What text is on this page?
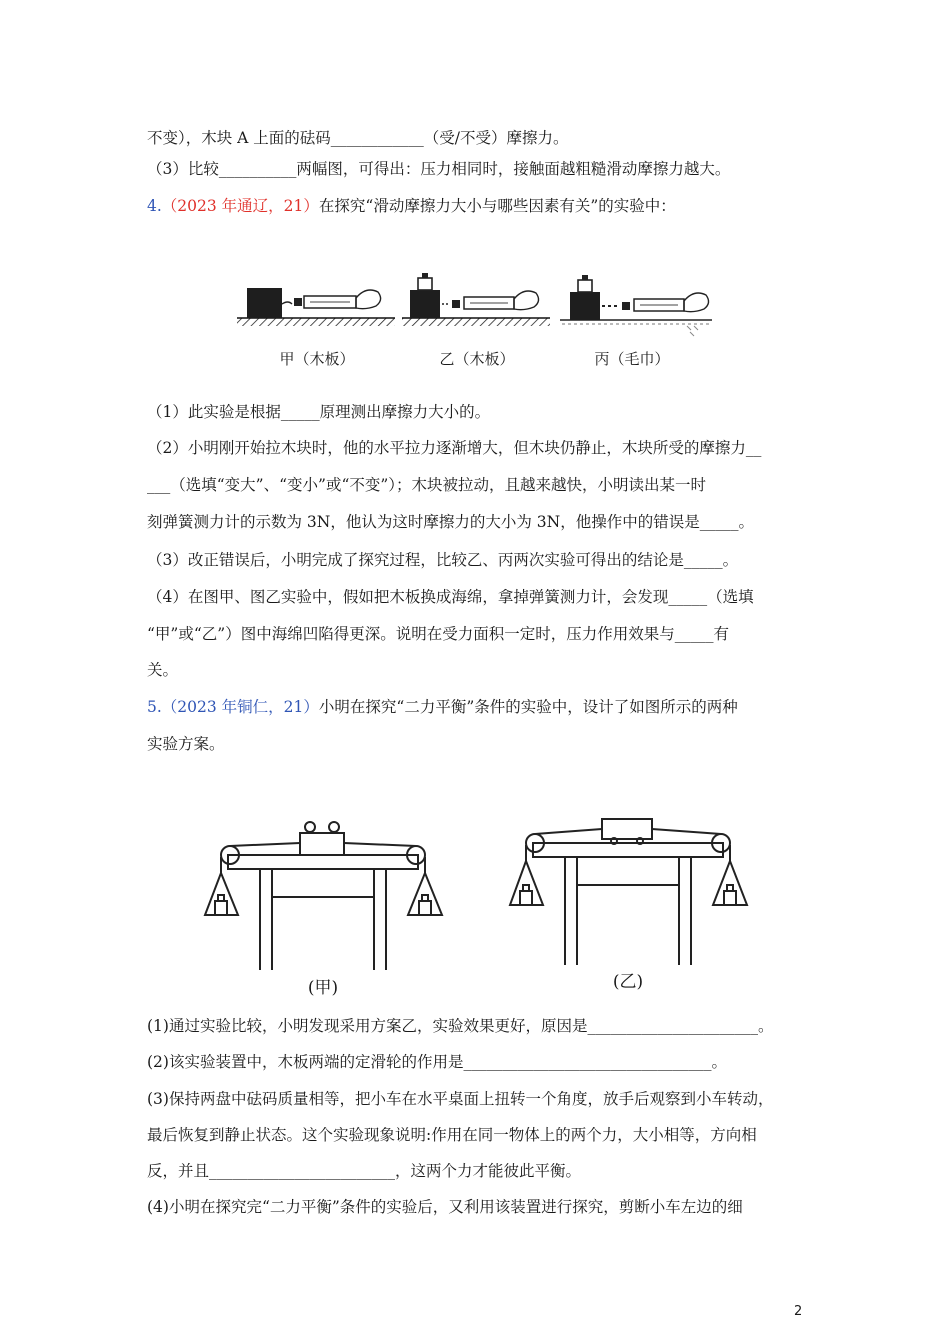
不变），木块 A 上面的砝码____________（受/不受）摩擦力。
（3）比较__________两幅图，可得出：压力相同时，接触面越粗糙滑动摩擦力越大。
4.（2023 年通辽，21）在探究“滑动摩擦力大小与哪些因素有关”的实验中：
甲（木板）	乙（木板）	丙（毛巾）
（1）此实验是根据_____原理测出摩擦力大小的。
（2）小明刚开始拉木块时，他的水平拉力逐渐增大，但木块仍静止，木块所受的摩擦力__
___（选填“变大”、“变小”或“不变”）；木块被拉动，且越来越快，小明读出某一时
刻弹簧测力计的示数为 3N，他认为这时摩擦力的大小为 3N，他操作中的错误是_____。
（3）改正错误后，小明完成了探究过程，比较乙、丙两次实验可得出的结论是_____。
（4）在图甲、图乙实验中，假如把木板换成海绵，拿掉弹簧测力计，会发现_____（选填
“甲”或“乙”）图中海绵凹陷得更深。说明在受力面积一定时，压力作用效果与_____有
关。
5.（2023 年铜仁，21）小明在探究“二力平衡”条件的实验中，设计了如图所示的两种
实验方案。
(甲)	(乙)
(1)通过实验比较，小明发现采用方案乙，实验效果更好，原因是______________________。
(2)该实验装置中，木板两端的定滑轮的作用是________________________________。
(3)保持两盘中砝码质量相等，把小车在水平桌面上扭转一个角度，放手后观察到小车转动，
最后恢复到静止状态。这个实验现象说明:作用在同一物体上的两个力，大小相等，方向相
反，并且________________________，这两个力才能彼此平衡。
(4)小明在探究完“二力平衡”条件的实验后，又利用该装置进行探究，剪断小车左边的细
2
